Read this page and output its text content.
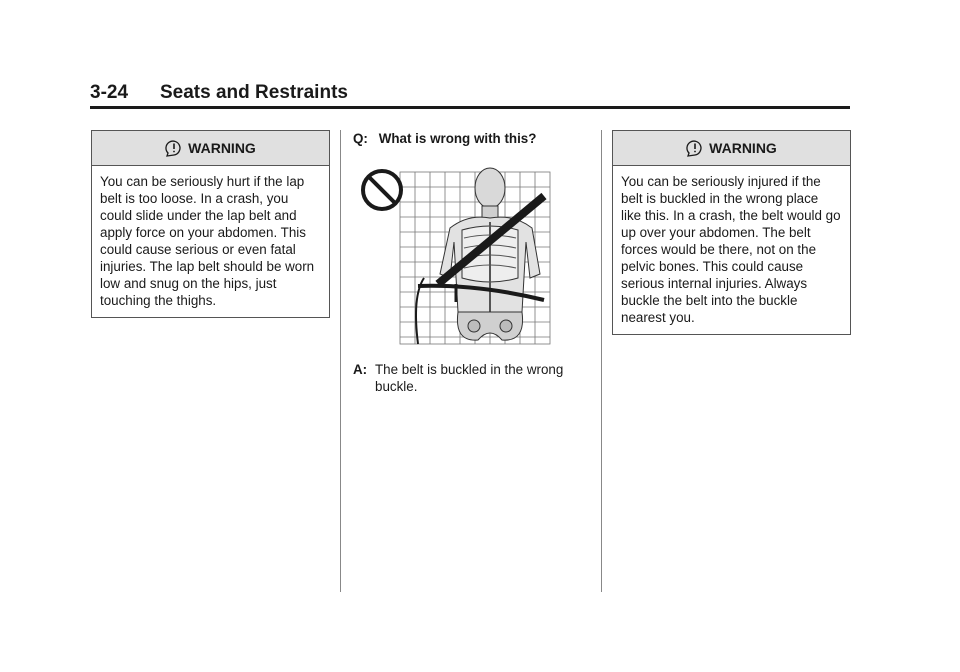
3-24 Seats and Restraints
WARNING
You can be seriously hurt if the lap belt is too loose. In a crash, you could slide under the lap belt and apply force on your abdomen. This could cause serious or even fatal injuries. The lap belt should be worn low and snug on the hips, just touching the thighs.
Q: What is wrong with this?
A: The belt is buckled in the wrong buckle.
WARNING
You can be seriously injured if the belt is buckled in the wrong place like this. In a crash, the belt would go up over your abdomen. The belt forces would be there, not on the pelvic bones. This could cause serious internal injuries. Always buckle the belt into the buckle nearest you.
